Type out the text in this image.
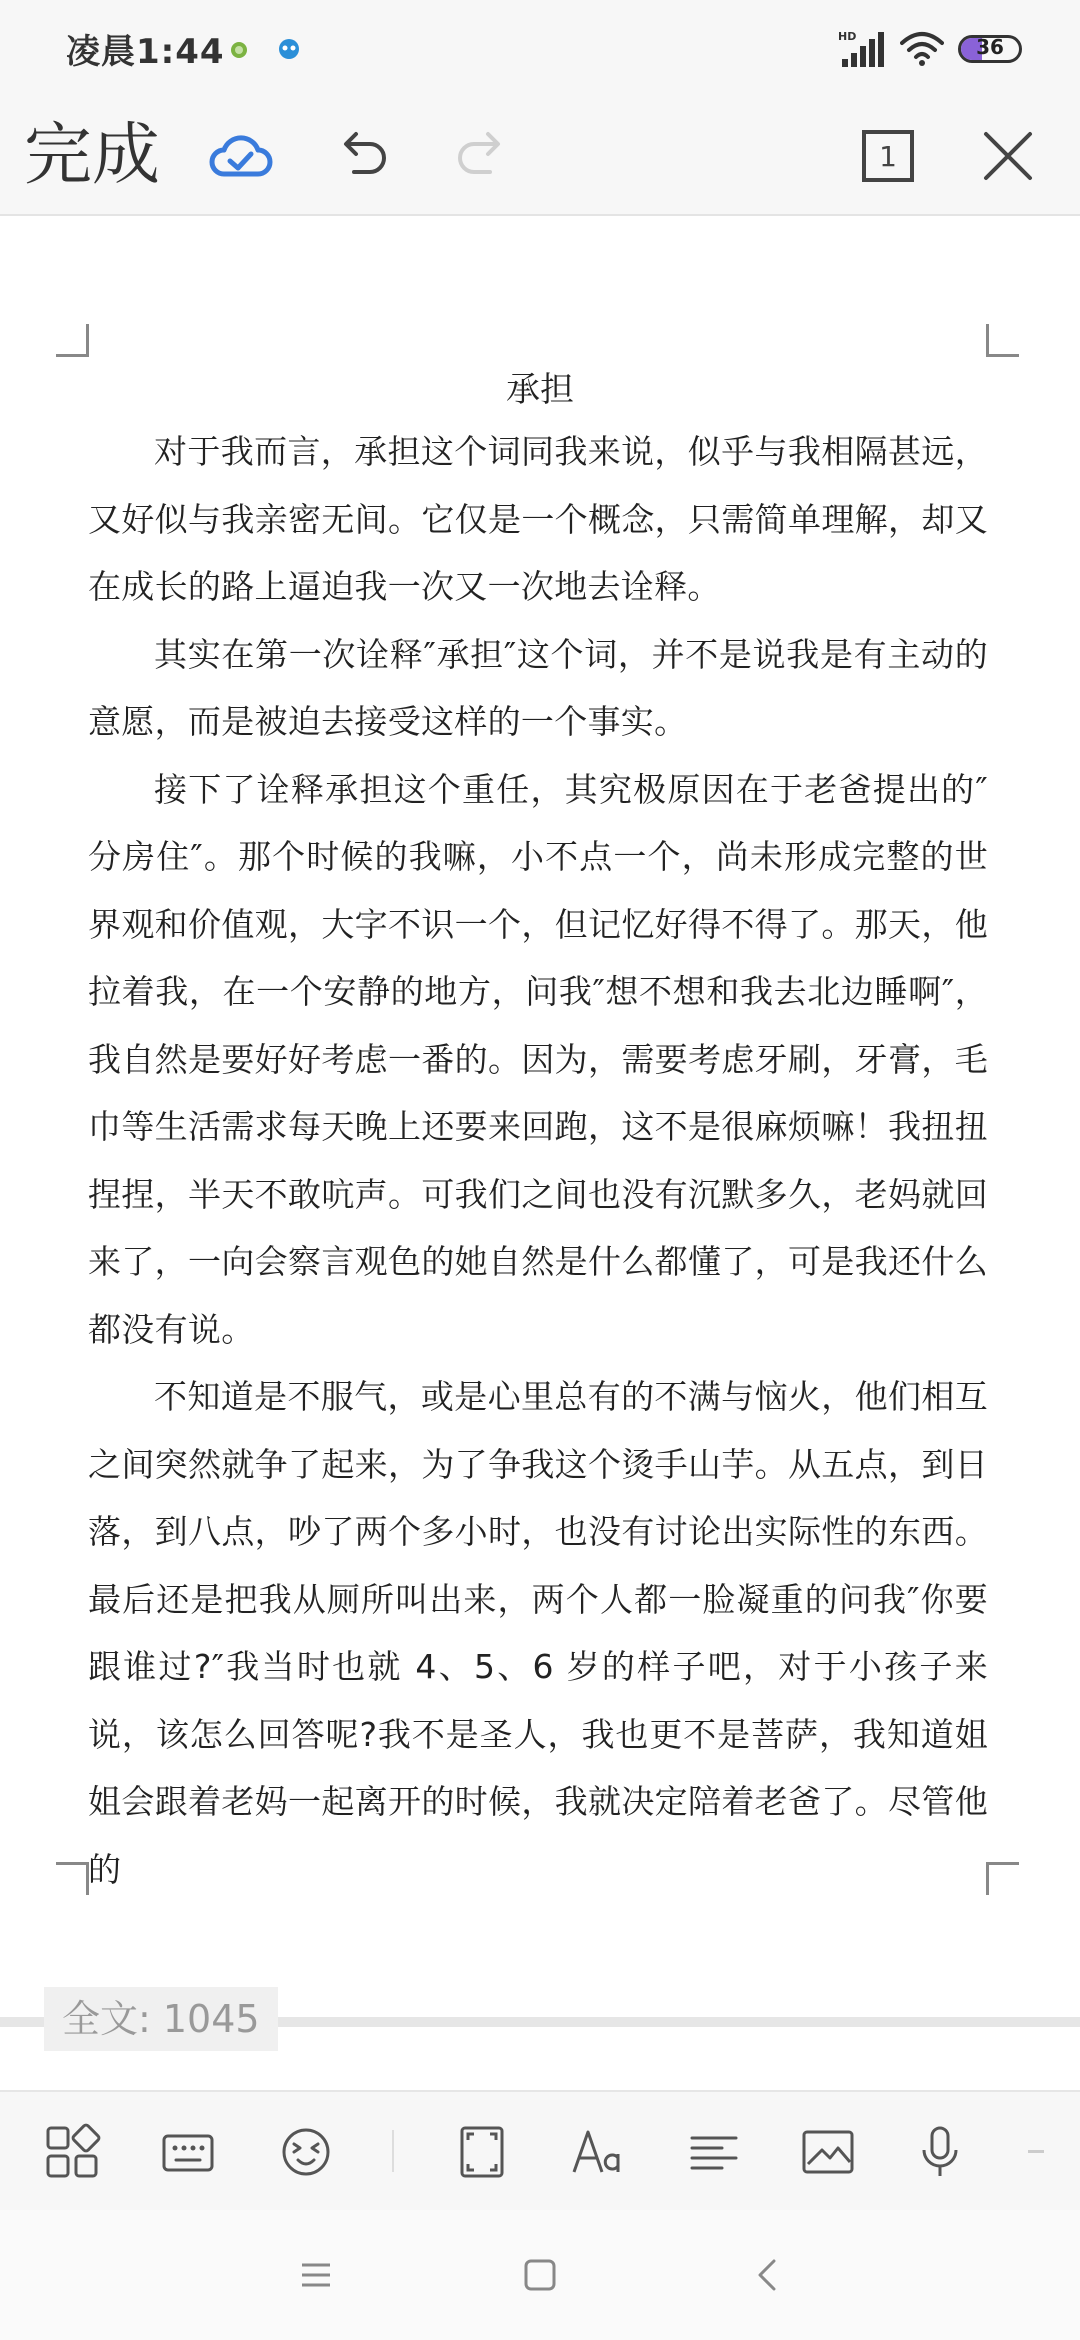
凌晨1:44	HD	36
完成	1
承担

对于我而言，承担这个词同我来说，似乎与我相隔甚远，又好似与我亲密无间。它仅是一个概念，只需简单理解，却又在成长的路上逼迫我一次又一次地去诠释。

其实在第一次诠释″承担″这个词，并不是说我是有主动的意愿，而是被迫去接受这样的一个事实。

接下了诠释承担这个重任，其究极原因在于老爸提出的″分房住″。那个时候的我嘛，小不点一个，尚未形成完整的世界观和价值观，大字不识一个，但记忆好得不得了。那天，他拉着我，在一个安静的地方，问我″想不想和我去北边睡啊″，我自然是要好好考虑一番的。因为，需要考虑牙刷，牙膏，毛巾等生活需求每天晚上还要来回跑，这不是很麻烦嘛！我扭扭捏捏，半天不敢吭声。可我们之间也没有沉默多久，老妈就回来了，一向会察言观色的她自然是什么都懂了，可是我还什么都没有说。

不知道是不服气，或是心里总有的不满与恼火，他们相互之间突然就争了起来，为了争我这个烫手山芋。从五点，到日落，到八点，吵了两个多小时，也没有讨论出实际性的东西。最后还是把我从厕所叫出来，两个人都一脸凝重的问我″你要跟谁过?″我当时也就 4、5、6 岁的样子吧，对于小孩子来说，该怎么回答呢?我不是圣人，我也更不是菩萨，我知道姐姐会跟着老妈一起离开的时候，我就决定陪着老爸了。尽管他的

全文: 1045
